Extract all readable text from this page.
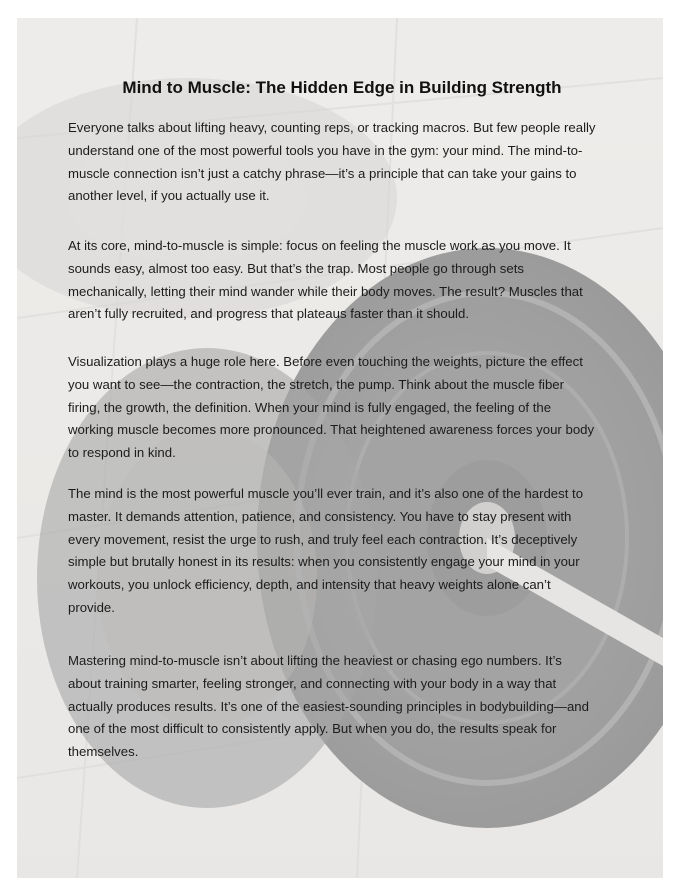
Mind to Muscle: The Hidden Edge in Building Strength

Everyone talks about lifting heavy, counting reps, or tracking macros. But few people really understand one of the most powerful tools you have in the gym: your mind. The mind-to-muscle connection isn’t just a catchy phrase—it’s a principle that can take your gains to another level, if you actually use it.

At its core, mind-to-muscle is simple: focus on feeling the muscle work as you move. It sounds easy, almost too easy. But that’s the trap. Most people go through sets mechanically, letting their mind wander while their body moves. The result? Muscles that aren’t fully recruited, and progress that plateaus faster than it should.

Visualization plays a huge role here. Before even touching the weights, picture the effect you want to see—the contraction, the stretch, the pump. Think about the muscle fiber firing, the growth, the definition. When your mind is fully engaged, the feeling of the working muscle becomes more pronounced. That heightened awareness forces your body to respond in kind.

The mind is the most powerful muscle you’ll ever train, and it’s also one of the hardest to master. It demands attention, patience, and consistency. You have to stay present with every movement, resist the urge to rush, and truly feel each contraction. It’s deceptively simple but brutally honest in its results: when you consistently engage your mind in your workouts, you unlock efficiency, depth, and intensity that heavy weights alone can’t provide.

Mastering mind-to-muscle isn’t about lifting the heaviest or chasing ego numbers. It’s about training smarter, feeling stronger, and connecting with your body in a way that actually produces results. It’s one of the easiest-sounding principles in bodybuilding—and one of the most difficult to consistently apply. But when you do, the results speak for themselves.
